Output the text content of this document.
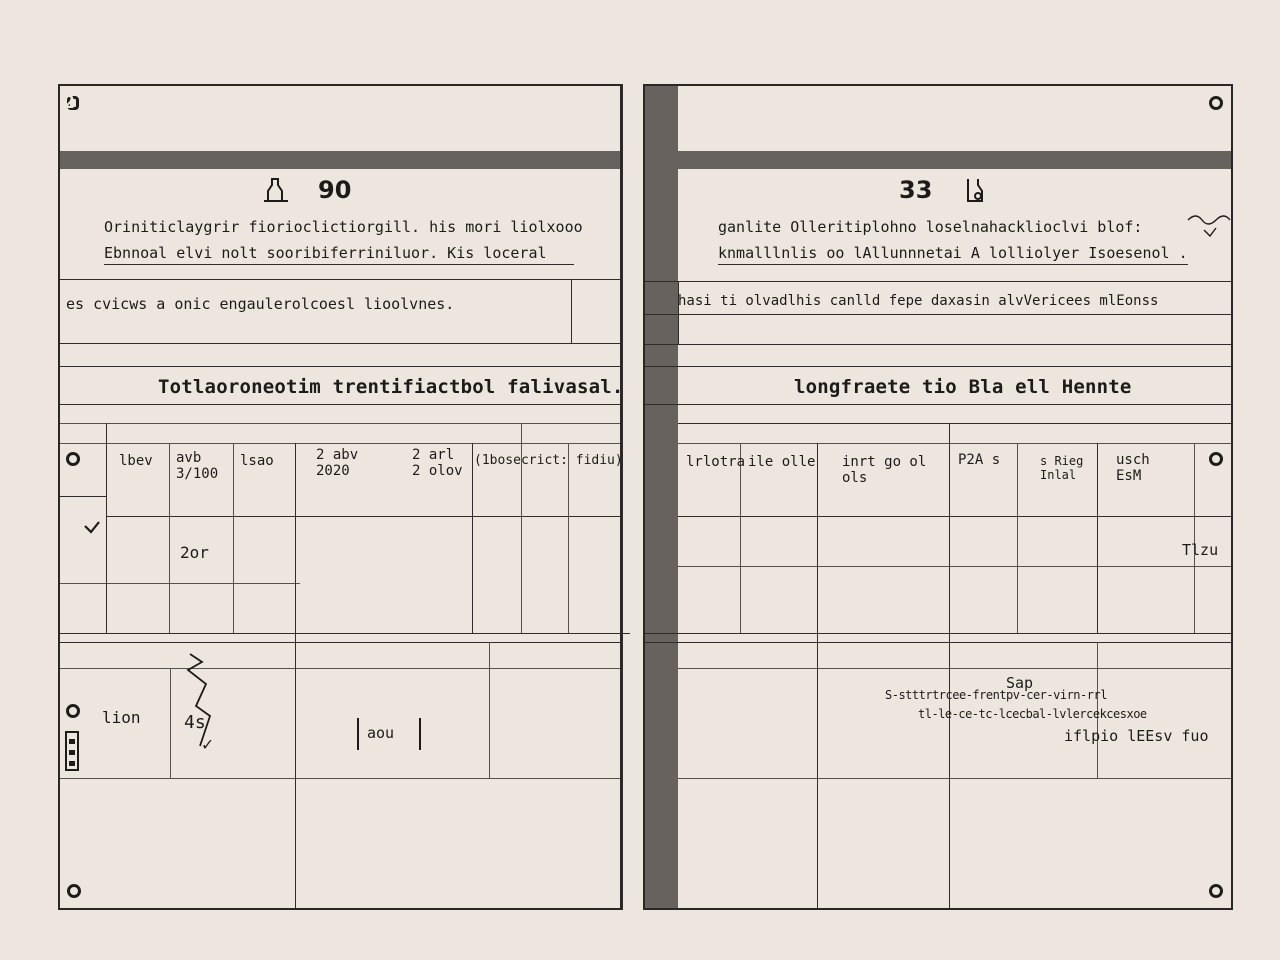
2
90
Oriniticlaygrir fiorioclictiorgill. his mori liolxooo
Ebnnoal elvi nolt sooribiferriniluor. Kis loceral
es cvicws a onic engaulerolcoesl lioolvnes.
Totlaoroneotim trentifiactbol falivasal.
lbev avb 3/100
lsao	2 abv 2020
2 arl 2 olov
(1bosecrict: fidiu)
2or
lion 4s
✓
aou
33
ganlite Olleritiplohno loselnahacklioclvi blof:
knmalllnlis oo lAllunnnetai A lolliolyer Isoesenol .
hasi ti olvadlhis canlld fepe daxasin alvVericees mlEonss
longfraete tio Bla ell Hennte
lrlotra ile olle inrt go ol ols
P2A s	s Rieg Inlal
usch EsM
Tlzu
Sap
S-stttrtrcee-frentpv-cer-virn-rrl
tl-le-ce-tc-lcecbal-lvlercekcesxoe
iflpio lEEsv fuo
